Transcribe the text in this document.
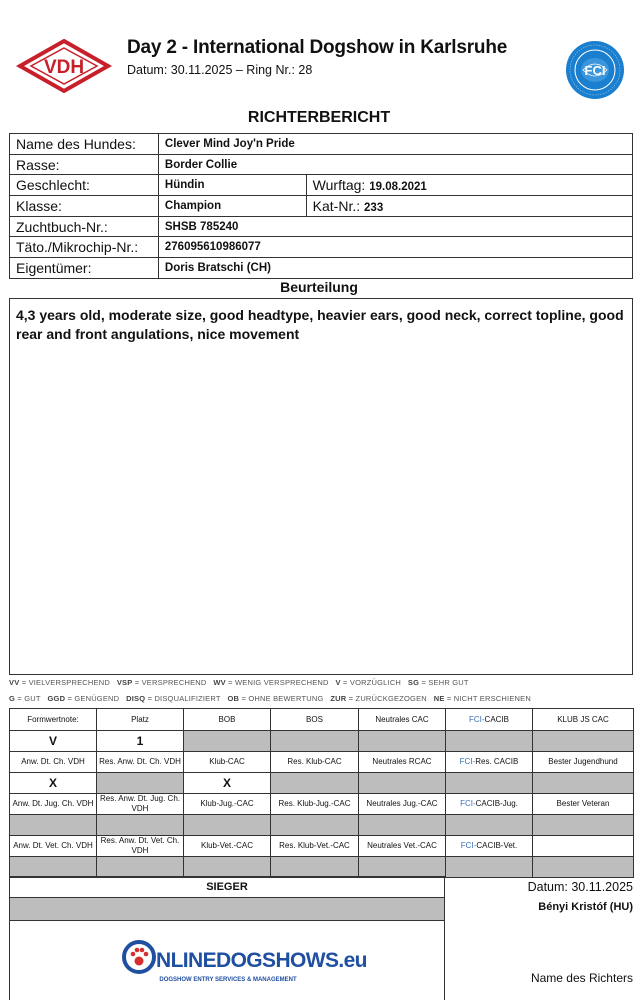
VDH
Day 2 - International Dogshow in Karlsruhe
Datum: 30.11.2025 – Ring Nr.: 28	FCI
RICHTERBERICHT
Name des Hundes:	Clever Mind Joy'n Pride	
Rasse:	Border Collie	
Geschlecht:	Hündin	Wurftag: 19.08.2021
Klasse:	Champion	Kat-Nr.: 233
Zuchtbuch-Nr.:	SHSB 785240	
Täto./Mikrochip-Nr.:	276095610986077	
Eigentümer:	Doris Bratschi (CH)	
Beurteilung
4,3 years old, moderate size, good headtype, heavier ears, good neck, correct topline, good rear and front angulations, nice movement
VV = VIELVERSPRECHEND VSP = VERSPRECHEND WV = WENIG VERSPRECHEND V = VORZÜGLICH SG = SEHR GUT
G = GUT GGD = GENÜGEND DISQ = DISQUALIFIZIERT OB = OHNE BEWERTUNG ZUR = ZURÜCKGEZOGEN NE = NICHT ERSCHIENEN
Formwertnote:	Platz	BOB	BOS	Neutrales CAC	FCI-CACIB	KLUB JS CAC
V	1					
Anw. Dt. Ch. VDH	Res. Anw. Dt. Ch. VDH	Klub-CAC	Res. Klub-CAC	Neutrales RCAC	FCI-Res. CACIB	Bester Jugendhund
X		X				
Anw. Dt. Jug. Ch. VDH	Res. Anw. Dt. Jug. Ch. VDH	Klub-Jug.-CAC	Res. Klub-Jug.-CAC	Neutrales Jug.-CAC	FCI-CACIB-Jug.	Bester Veteran

Anw. Dt. Vet. Ch. VDH	Res. Anw. Dt. Vet. Ch. VDH	Klub-Vet.-CAC	Res. Klub-Vet.-CAC	Neutrales Vet.-CAC	FCI-CACIB-Vet.	

SIEGER
NLINEDOGSHOWS.eu
DOGSHOW ENTRY SERVICES & MANAGEMENT
Datum: 30.11.2025
Bényi Kristóf (HU)
Name des Richters
